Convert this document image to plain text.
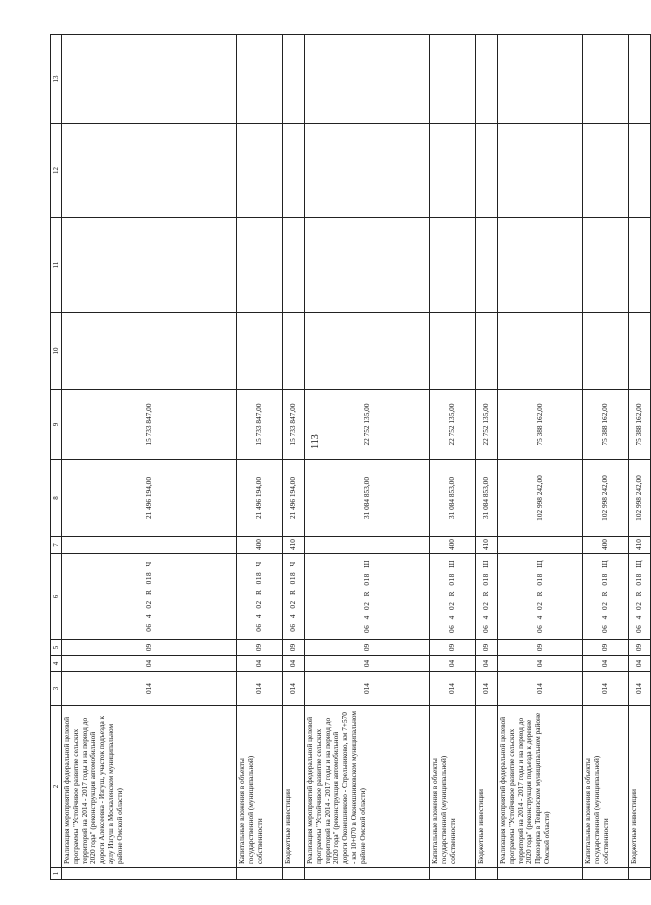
113
1	2	3	4	5	6	7	8	9	10	11	12	13
	Реализация мероприятий федеральной целевой программы "Устойчивое развитие сельских территорий на 2014 - 2017 годы и на период до 2020 года" (реконструкция автомобильной дороги Алексеевка - Изгуш, участок подъезда к аулу Изгуш в Москаленском муниципальном районе Омской области)	014	04	09	06 4 02 R 018 Ч		21 496 194,00	15 733 847,00				
	Капитальные вложения в объекты государственной (муниципальной) собственности	014	04	09	06 4 02 R 018 Ч	400	21 496 194,00	15 733 847,00				
	Бюджетные инвестиции	014	04	09	06 4 02 R 018 Ч	410	21 496 194,00	15 733 847,00				
	Реализация мероприятий федеральной целевой программы "Устойчивое развитие сельских территорий на 2014 - 2017 годы и на период до 2020 года" (реконструкция автомобильной дороги Оконешниково - Стрельниково, км 7+570 - км 10+070 в Оконешниковском муниципальном районе Омской области)	014	04	09	06 4 02 R 018 Ш		31 084 853,00	22 752 135,00				
	Капитальные вложения в объекты государственной (муниципальной) собственности	014	04	09	06 4 02 R 018 Ш	400	31 084 853,00	22 752 135,00				
	Бюджетные инвестиции	014	04	09	06 4 02 R 018 Ш	410	31 084 853,00	22 752 135,00				
	Реализация мероприятий федеральной целевой программы "Устойчивое развитие сельских территорий на 2014 - 2017 годы и на период до 2020 года" (реконструкция подъезда к деревне Приозерка в Тевризском муниципальном районе Омской области)	014	04	09	06 4 02 R 018 Щ		102 998 242,00	75 388 162,00				
	Капитальные вложения в объекты государственной (муниципальной) собственности	014	04	09	06 4 02 R 018 Щ	400	102 998 242,00	75 388 162,00				
	Бюджетные инвестиции	014	04	09	06 4 02 R 018 Щ	410	102 998 242,00	75 388 162,00				
